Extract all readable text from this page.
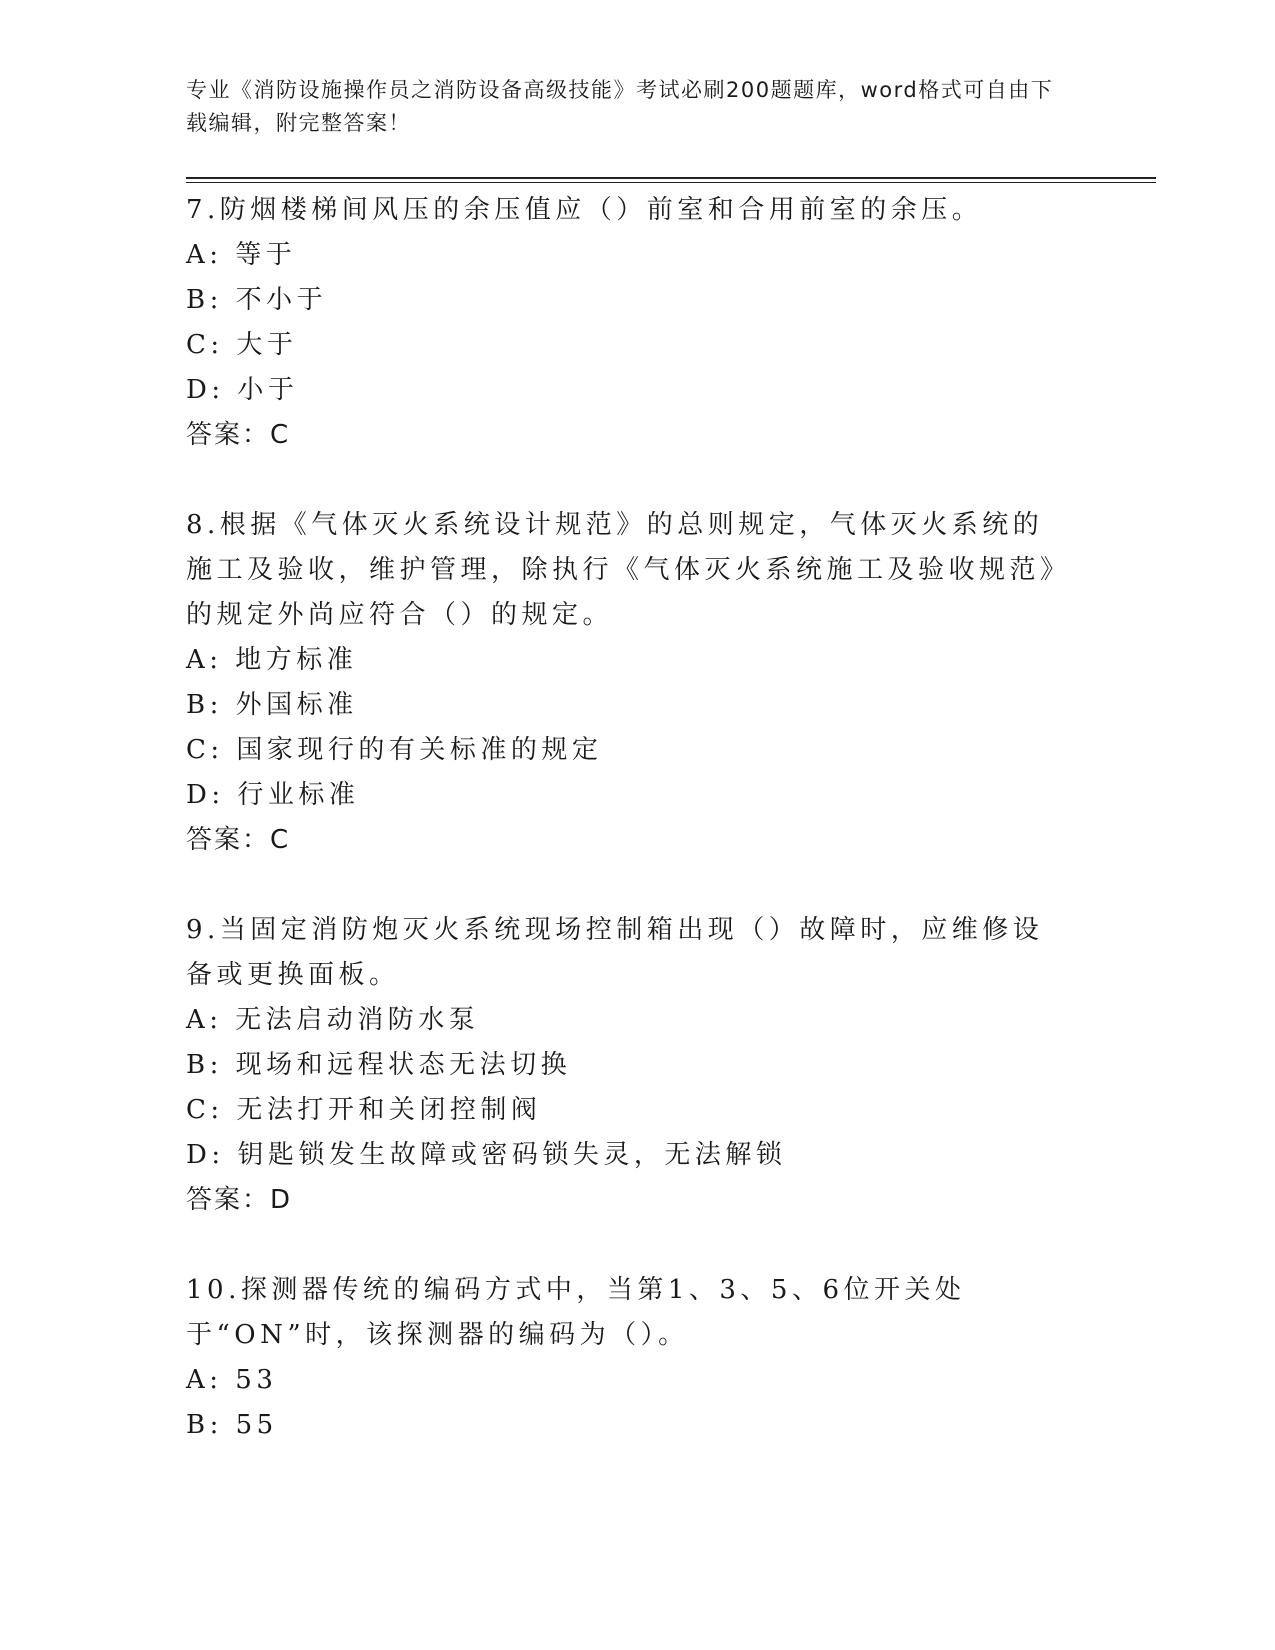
专业《消防设施操作员之消防设备高级技能》考试必刷200题题库，word格式可自由下载编辑，附完整答案！

7.防烟楼梯间风压的余压值应（）前室和合用前室的余压。

A: 等于

B: 不小于

C: 大于

D: 小于

答案：C

8.根据《气体灭火系统设计规范》的总则规定，气体灭火系统的施工及验收，维护管理，除执行《气体灭火系统施工及验收规范》的规定外尚应符合（）的规定。

A: 地方标准

B: 外国标准

C: 国家现行的有关标准的规定

D: 行业标准

答案：C

9.当固定消防炮灭火系统现场控制箱出现（）故障时，应维修设备或更换面板。

A: 无法启动消防水泵

B: 现场和远程状态无法切换

C: 无法打开和关闭控制阀

D: 钥匙锁发生故障或密码锁失灵，无法解锁

答案：D

10.探测器传统的编码方式中，当第1、3、5、6位开关处于“ON”时，该探测器的编码为（）。

A: 53

B: 55
